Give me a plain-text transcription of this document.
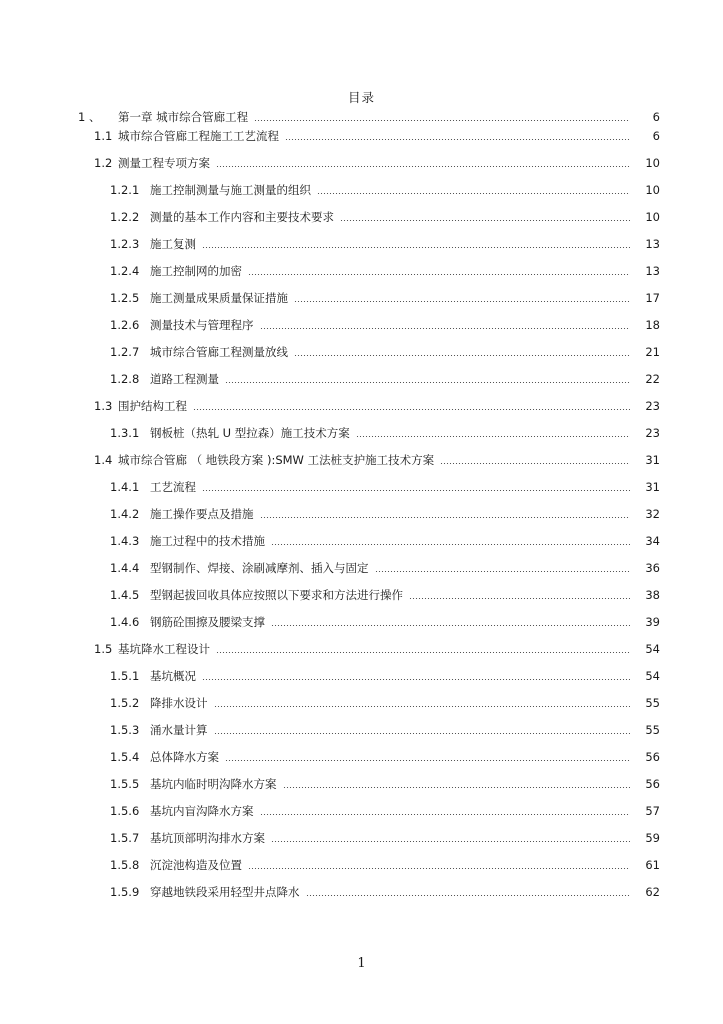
目录
1 、	第一章 城市综合管廊工程	6
1.1 城市综合管廊工程施工工艺流程	6
1.2 测量工程专项方案	10
1.2.1 施工控制测量与施工测量的组织	10
1.2.2 测量的基本工作内容和主要技术要求	10
1.2.3 施工复测	13
1.2.4 施工控制网的加密	13
1.2.5 施工测量成果质量保证措施	17
1.2.6 测量技术与管理程序	18
1.2.7 城市综合管廊工程测量放线	21
1.2.8 道路工程测量	22
1.3 围护结构工程	23
1.3.1 钢板桩（热轧 U 型拉森）施工技术方案	23
1.4 城市综合管廊 （ 地铁段方案 ):SMW 工法桩支护施工技术方案	31
1.4.1 工艺流程	31
1.4.2 施工操作要点及措施	32
1.4.3 施工过程中的技术措施	34
1.4.4 型钢制作、焊接、涂刷减摩剂、插入与固定	36
1.4.5 型钢起拔回收具体应按照以下要求和方法进行操作	38
1.4.6 钢筋砼围擦及腰梁支撑	39
1.5 基坑降水工程设计	54
1.5.1 基坑概况	54
1.5.2 降排水设计	55
1.5.3 涌水量计算	55
1.5.4 总体降水方案	56
1.5.5 基坑内临时明沟降水方案	56
1.5.6 基坑内盲沟降水方案	57
1.5.7 基坑顶部明沟排水方案	59
1.5.8 沉淀池构造及位置	61
1.5.9 穿越地铁段采用轻型井点降水	62
1
